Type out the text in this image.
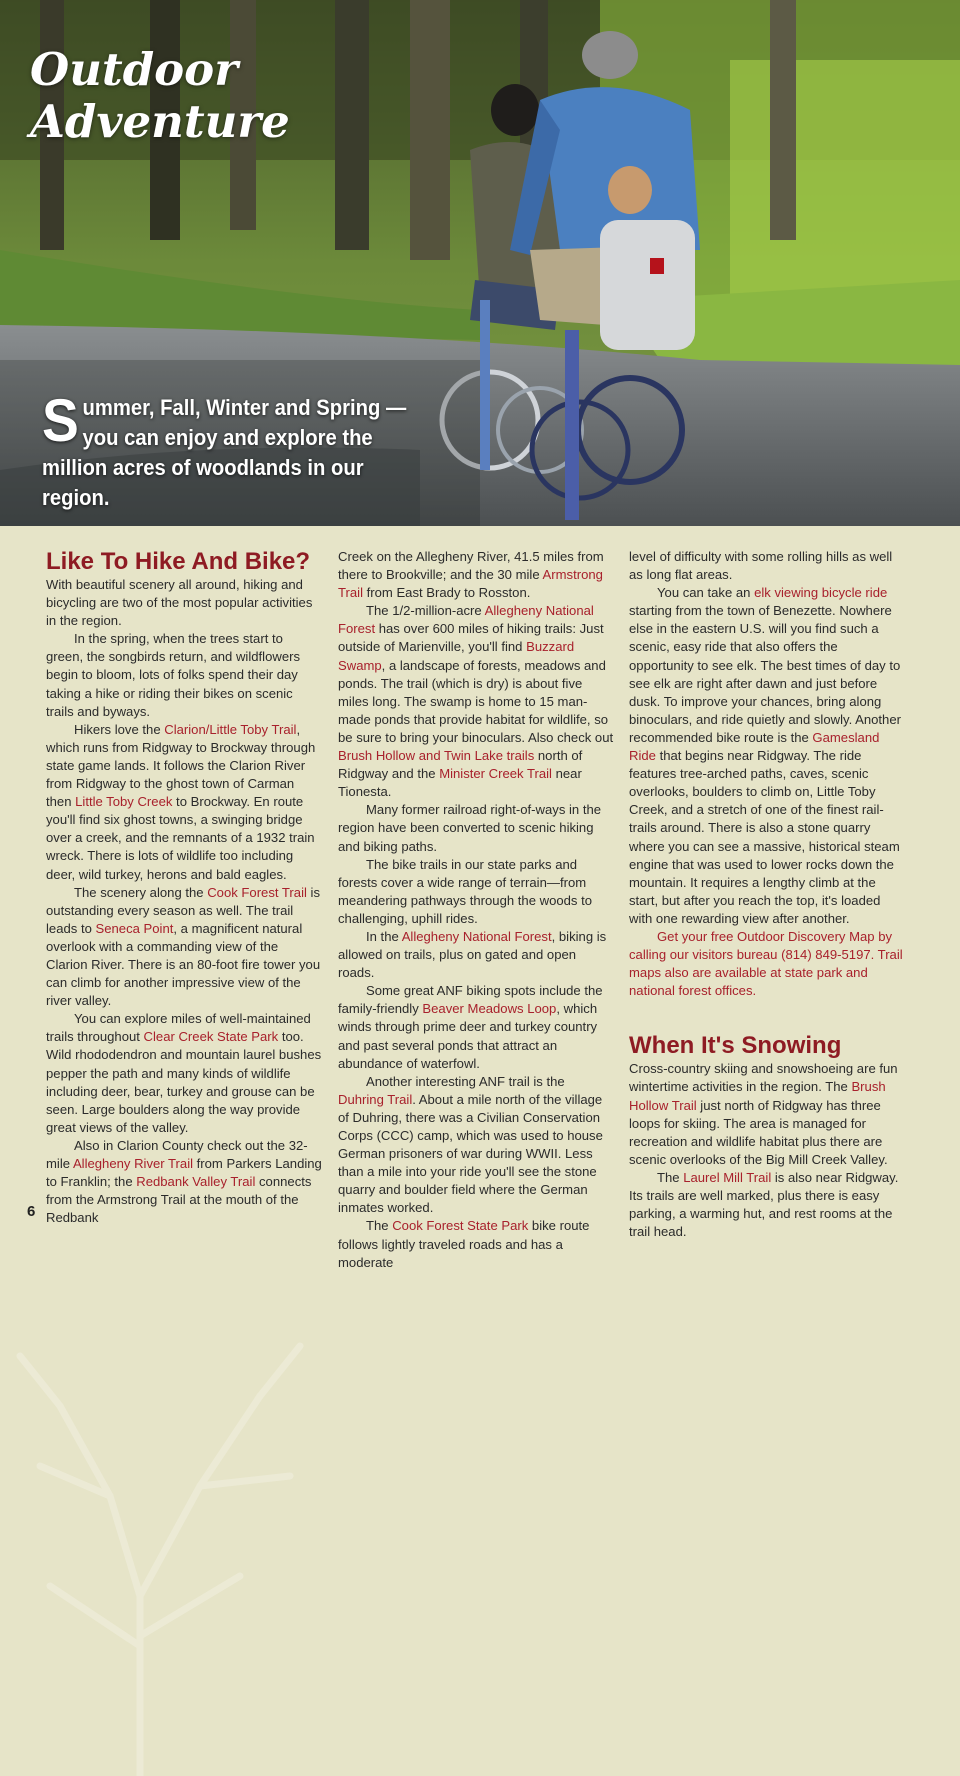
Outdoor
Adventure

Summer, Fall, Winter and Spring — you can enjoy and explore the million acres of woodlands in our region.

Like To Hike And Bike?

With beautiful scenery all around, hiking and bicycling are two of the most popular activities in the region.

In the spring, when the trees start to green, the songbirds return, and wildflowers begin to bloom, lots of folks spend their day taking a hike or riding their bikes on scenic trails and byways.

Hikers love the Clarion/Little Toby Trail, which runs from Ridgway to Brockway through state game lands. It follows the Clarion River from Ridgway to the ghost town of Carman then Little Toby Creek to Brockway. En route you'll find six ghost towns, a swinging bridge over a creek, and the remnants of a 1932 train wreck. There is lots of wildlife too including deer, wild turkey, herons and bald eagles.

The scenery along the Cook Forest Trail is outstanding every season as well. The trail leads to Seneca Point, a magnificent natural overlook with a commanding view of the Clarion River. There is an 80-foot fire tower you can climb for another impressive view of the river valley.

You can explore miles of well-maintained trails throughout Clear Creek State Park too. Wild rhododendron and mountain laurel bushes pepper the path and many kinds of wildlife including deer, bear, turkey and grouse can be seen. Large boulders along the way provide great views of the valley.

Also in Clarion County check out the 32-mile Allegheny River Trail from Parkers Landing to Franklin; the Redbank Valley Trail connects from the Armstrong Trail at the mouth of the Redbank

Creek on the Allegheny River, 41.5 miles from there to Brookville; and the 30 mile Armstrong Trail from East Brady to Rosston.

The 1/2-million-acre Allegheny National Forest has over 600 miles of hiking trails: Just outside of Marienville, you'll find Buzzard Swamp, a landscape of forests, meadows and ponds. The trail (which is dry) is about five miles long. The swamp is home to 15 man-made ponds that provide habitat for wildlife, so be sure to bring your binoculars. Also check out Brush Hollow and Twin Lake trails north of Ridgway and the Minister Creek Trail near Tionesta.

Many former railroad right-of-ways in the region have been converted to scenic hiking and biking paths.

The bike trails in our state parks and forests cover a wide range of terrain—from meandering pathways through the woods to challenging, uphill rides.

In the Allegheny National Forest, biking is allowed on trails, plus on gated and open roads.

Some great ANF biking spots include the family-friendly Beaver Meadows Loop, which winds through prime deer and turkey country and past several ponds that attract an abundance of waterfowl.

Another interesting ANF trail is the Duhring Trail. About a mile north of the village of Duhring, there was a Civilian Conservation Corps (CCC) camp, which was used to house German prisoners of war during WWII. Less than a mile into your ride you'll see the stone quarry and boulder field where the German inmates worked.

The Cook Forest State Park bike route follows lightly traveled roads and has a moderate

level of difficulty with some rolling hills as well as long flat areas.

You can take an elk viewing bicycle ride starting from the town of Benezette. Nowhere else in the eastern U.S. will you find such a scenic, easy ride that also offers the opportunity to see elk. The best times of day to see elk are right after dawn and just before dusk. To improve your chances, bring along binoculars, and ride quietly and slowly. Another recommended bike route is the Gamesland Ride that begins near Ridgway. The ride features tree-arched paths, caves, scenic overlooks, boulders to climb on, Little Toby Creek, and a stretch of one of the finest rail-trails around. There is also a stone quarry where you can see a massive, historical steam engine that was used to lower rocks down the mountain. It requires a lengthy climb at the start, but after you reach the top, it's loaded with one rewarding view after another.

Get your free Outdoor Discovery Map by calling our visitors bureau (814) 849-5197. Trail maps also are available at state park and national forest offices.

When It's Snowing

Cross-country skiing and snowshoeing are fun wintertime activities in the region. The Brush Hollow Trail just north of Ridgway has three loops for skiing. The area is managed for recreation and wildlife habitat plus there are scenic overlooks of the Big Mill Creek Valley.

The Laurel Mill Trail is also near Ridgway. Its trails are well marked, plus there is easy parking, a warming hut, and rest rooms at the trail head.

6
